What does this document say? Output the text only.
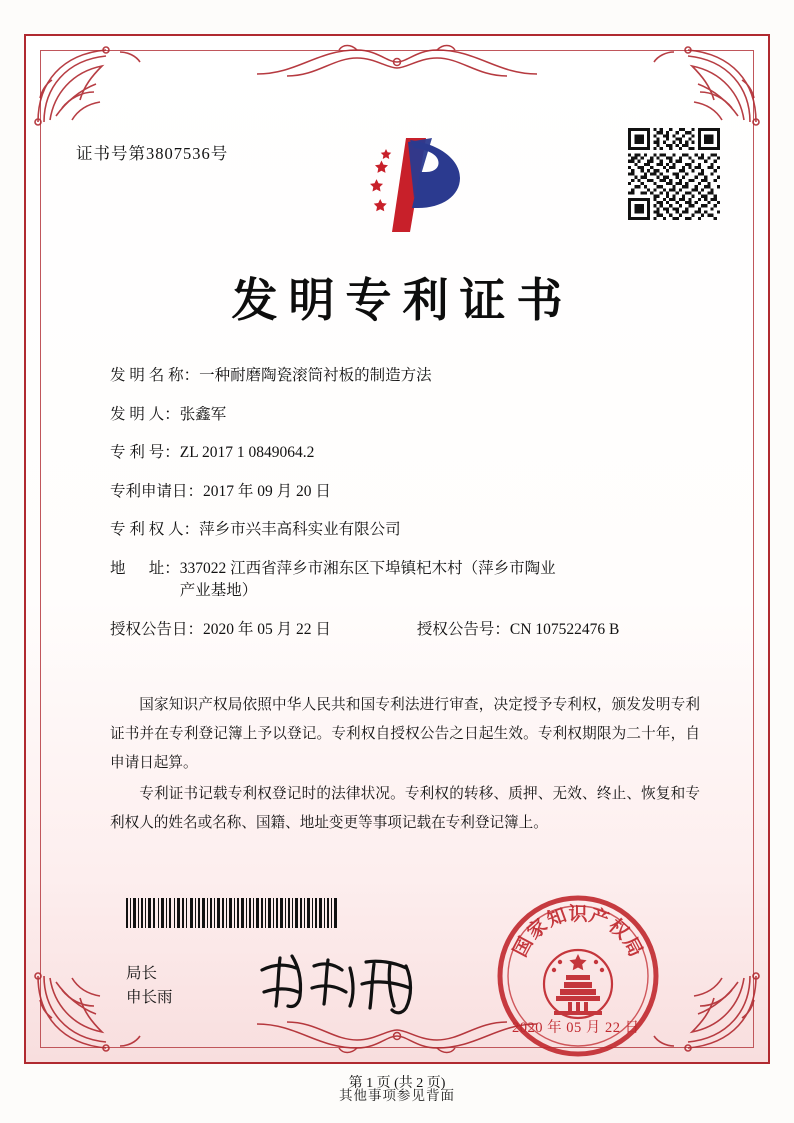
证书号第3807536号
发明专利证书
发 明 名 称： 一种耐磨陶瓷滚筒衬板的制造方法
发 明 人： 张鑫军
专 利 号： ZL 2017 1 0849064.2
专利申请日： 2017 年 09 月 20 日
专 利 权 人： 萍乡市兴丰高科实业有限公司
地      址： 337022 江西省萍乡市湘东区下埠镇杞木村（萍乡市陶业
产业基地）
授权公告日： 2020 年 05 月 22 日	授权公告号： CN 107522476 B

国家知识产权局依照中华人民共和国专利法进行审查，决定授予专利权，颁发发明专利证书并在专利登记簿上予以登记。专利权自授权公告之日起生效。专利权期限为二十年，自申请日起算。

专利证书记载专利权登记时的法律状况。专利权的转移、质押、无效、终止、恢复和专利权人的姓名或名称、国籍、地址变更等事项记载在专利登记簿上。

局长
申长雨
国
家
知 识 产
权
局
2020 年 05 月 22 日
第 1 页 (共 2 页)
其他事项参见背面
